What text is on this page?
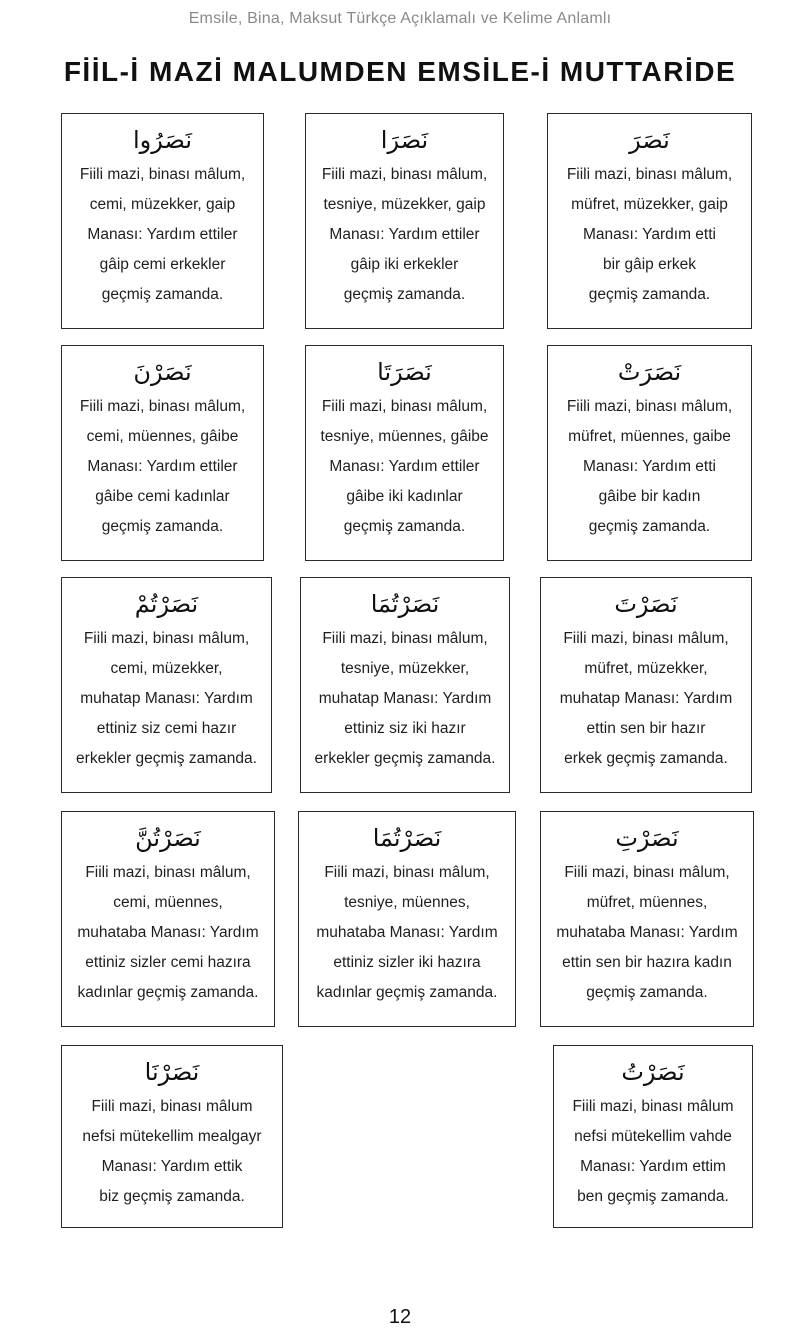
Emsile, Bina, Maksut Türkçe Açıklamalı ve Kelime Anlamlı
FİİL-İ MAZİ MALUMDEN EMSİLE-İ MUTTARİDE
نَصَرُوا
Fiili mazi, binası mâlum,
cemi, müzekker, gaip
Manası: Yardım ettiler
gâip cemi erkekler
geçmiş zamanda.
نَصَرَا
Fiili mazi, binası mâlum,
tesniye, müzekker, gaip
Manası: Yardım ettiler
gâip iki erkekler
geçmiş zamanda.
نَصَرَ
Fiili mazi, binası mâlum,
müfret, müzekker, gaip
Manası: Yardım etti
bir gâip erkek
geçmiş zamanda.
نَصَرْنَ
Fiili mazi, binası mâlum,
cemi, müennes, gâibe
Manası: Yardım ettiler
gâibe cemi kadınlar
geçmiş zamanda.
نَصَرَتَا
Fiili mazi, binası mâlum,
tesniye, müennes, gâibe
Manası: Yardım ettiler
gâibe iki kadınlar
geçmiş zamanda.
نَصَرَتْ
Fiili mazi, binası mâlum,
müfret, müennes, gaibe
Manası: Yardım etti
gâibe bir kadın
geçmiş zamanda.
نَصَرْتُمْ
Fiili mazi, binası mâlum,
cemi, müzekker,
muhatap Manası: Yardım
ettiniz siz cemi hazır
erkekler geçmiş zamanda.
نَصَرْتُمَا
Fiili mazi, binası mâlum,
tesniye, müzekker,
muhatap Manası: Yardım
ettiniz siz iki hazır
erkekler geçmiş zamanda.
نَصَرْتَ
Fiili mazi, binası mâlum,
müfret, müzekker,
muhatap Manası: Yardım
ettin sen bir hazır
erkek geçmiş zamanda.
نَصَرْتُنَّ
Fiili mazi, binası mâlum,
cemi, müennes,
muhataba Manası: Yardım
ettiniz sizler cemi hazıra
kadınlar geçmiş zamanda.
نَصَرْتُمَا
Fiili mazi, binası mâlum,
tesniye, müennes,
muhataba Manası: Yardım
ettiniz sizler iki hazıra
kadınlar geçmiş zamanda.
نَصَرْتِ
Fiili mazi, binası mâlum,
müfret, müennes,
muhataba Manası: Yardım
ettin sen bir hazıra kadın
geçmiş zamanda.
نَصَرْنَا
Fiili mazi, binası mâlum
nefsi mütekellim mealgayr
Manası: Yardım ettik
biz geçmiş zamanda.
نَصَرْتُ
Fiili mazi, binası mâlum
nefsi mütekellim vahde
Manası: Yardım ettim
ben geçmiş zamanda.
12
